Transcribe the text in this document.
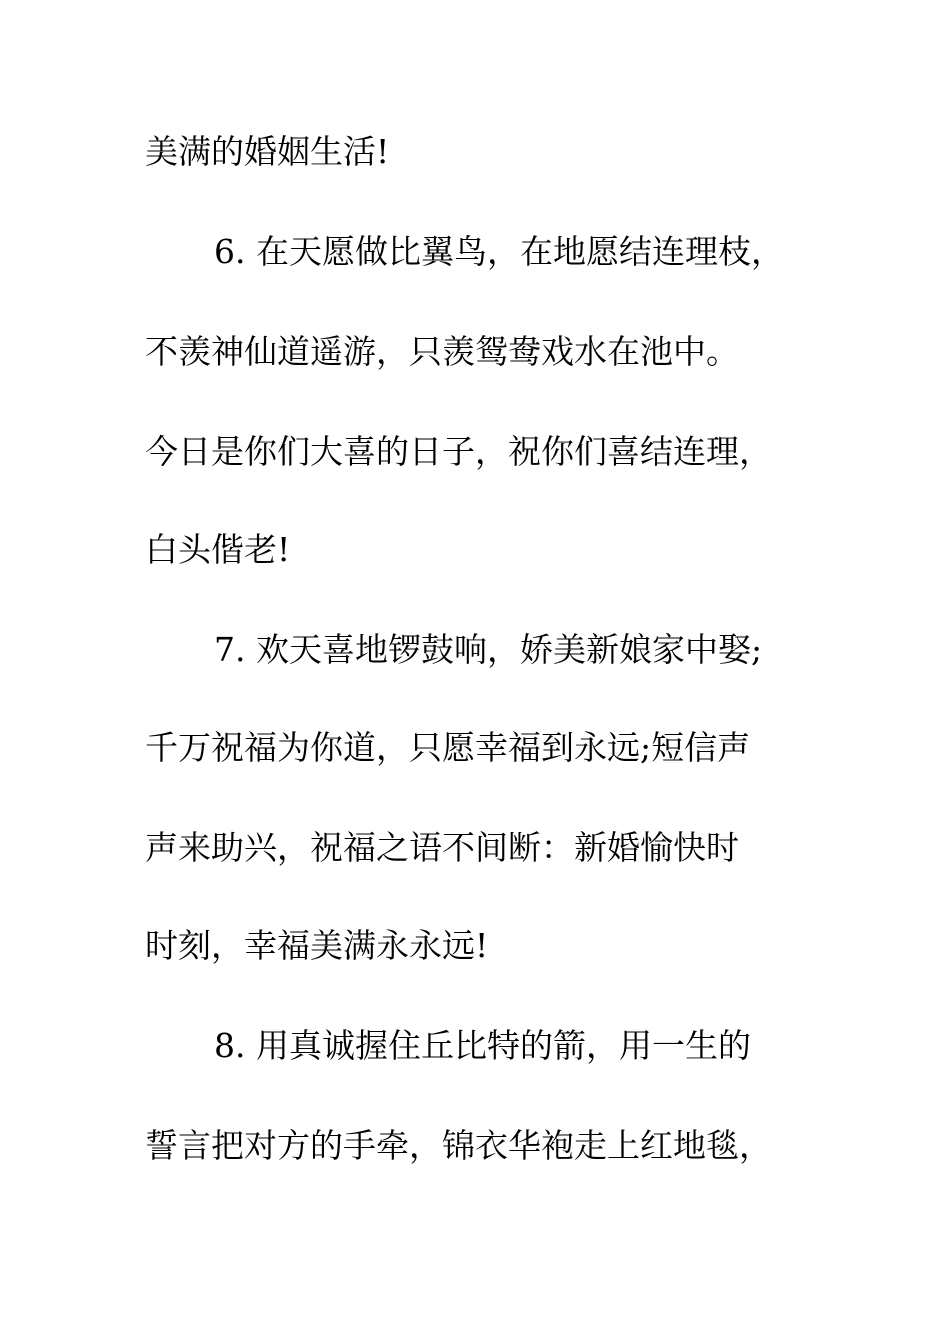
美满的婚姻生活!
6. 在天愿做比翼鸟，在地愿结连理枝，
不羡神仙道遥游，只羡鸳鸯戏水在池中。
今日是你们大喜的日子，祝你们喜结连理，
白头偕老!
7. 欢天喜地锣鼓响，娇美新娘家中娶;
千万祝福为你道，只愿幸福到永远;短信声
声来助兴，祝福之语不间断：新婚愉快时
时刻，幸福美满永永远!
8. 用真诚握住丘比特的箭，用一生的
誓言把对方的手牵，锦衣华袍走上红地毯，
